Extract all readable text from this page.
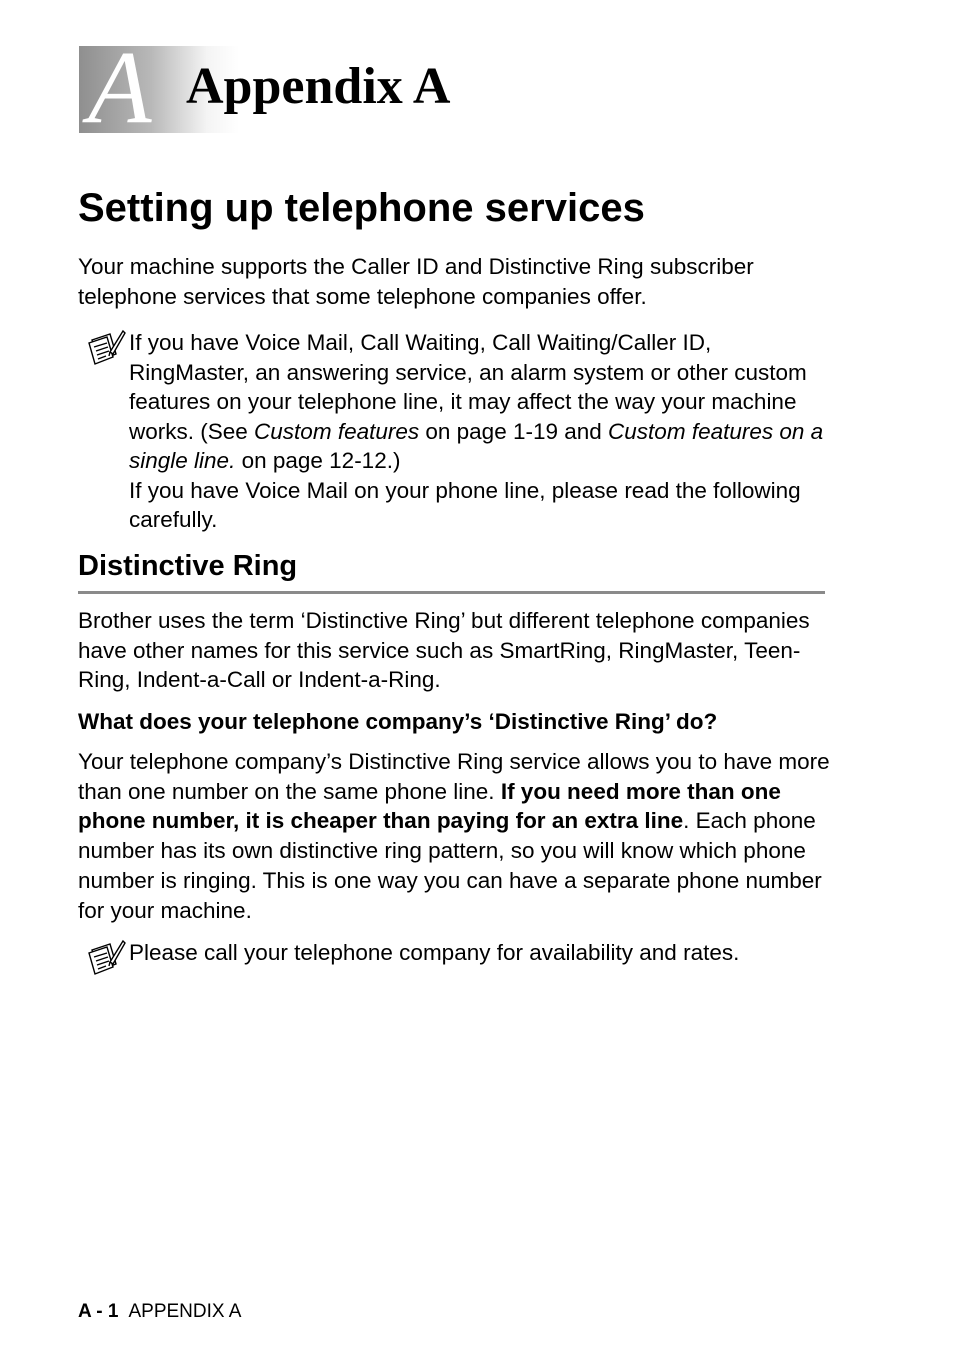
A Appendix A
Setting up telephone services

Your machine supports the Caller ID and Distinctive Ring subscriber telephone services that some telephone companies offer.

If you have Voice Mail, Call Waiting, Call Waiting/Caller ID, RingMaster, an answering service, an alarm system or other custom features on your telephone line, it may affect the way your machine works. (See Custom features on page 1-19 and Custom features on a single line. on page 12-12.)
If you have Voice Mail on your phone line, please read the following carefully.

Distinctive Ring

Brother uses the term ‘Distinctive Ring’ but different telephone companies have other names for this service such as SmartRing, RingMaster, Teen-Ring, Indent-a-Call or Indent-a-Ring.

What does your telephone company’s ‘Distinctive Ring’ do?

Your telephone company’s Distinctive Ring service allows you to have more than one number on the same phone line. If you need more than one phone number, it is cheaper than paying for an extra line. Each phone number has its own distinctive ring pattern, so you will know which phone number is ringing. This is one way you can have a separate phone number for your machine.

Please call your telephone company for availability and rates.

A - 1 APPENDIX A
